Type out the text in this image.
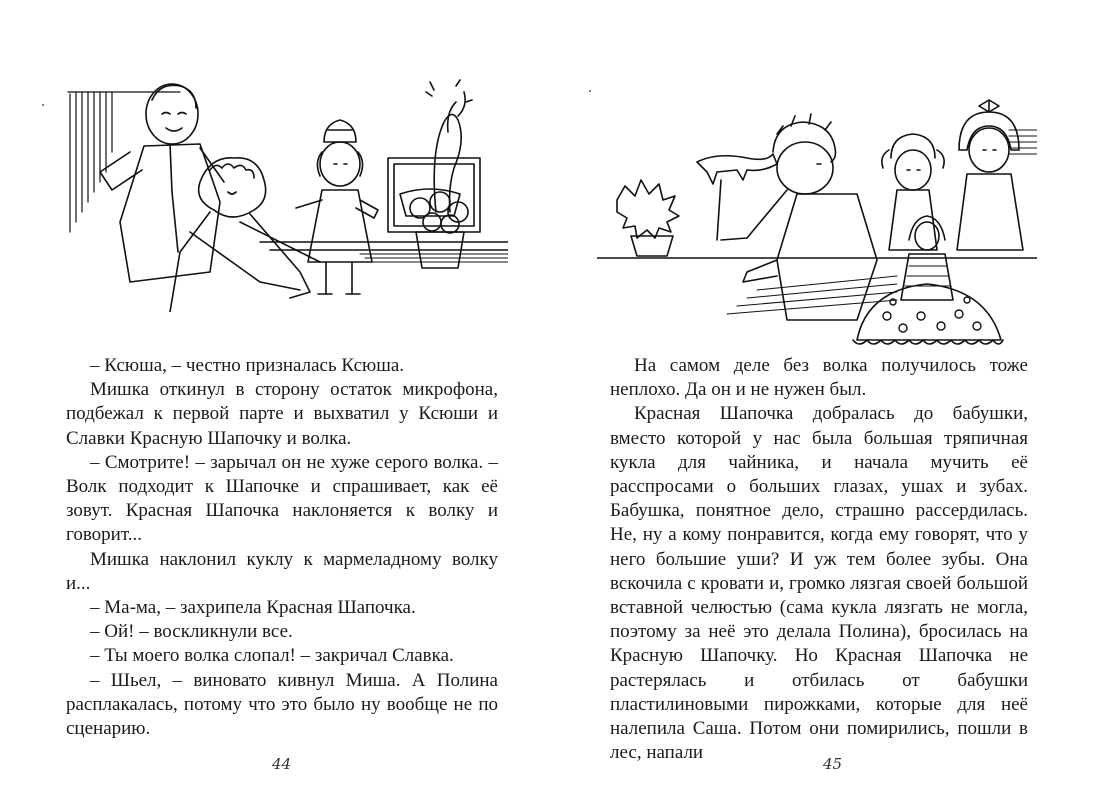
– Ксюша, – честно призналась Ксюша.

Мишка откинул в сторону остаток микрофона, подбежал к первой парте и выхватил у Ксюши и Славки Красную Шапочку и волка.

– Смотрите! – зарычал он не хуже серого волка. – Волк подходит к Шапочке и спрашивает, как её зовут. Красная Шапочка наклоняется к волку и говорит...

Мишка наклонил куклу к мармеладному волку и...

– Ма-ма, – захрипела Красная Шапочка.

– Ой! – воскликнули все.

– Ты моего волка слопал! – закричал Славка.

– Шьел, – виновато кивнул Миша. А Полина расплакалась, потому что это было ну вообще не по сценарию.

44

На самом деле без волка получилось тоже неплохо. Да он и не нужен был.

Красная Шапочка добралась до бабушки, вместо которой у нас была большая тряпичная кукла для чайника, и начала мучить её расспросами о больших глазах, ушах и зубах. Бабушка, понятное дело, страшно рассердилась. Не, ну а кому понравится, когда ему говорят, что у него большие уши? И уж тем более зубы. Она вскочила с кровати и, громко лязгая своей большой вставной челюстью (сама кукла лязгать не могла, поэтому за неё это делала Полина), бросилась на Красную Шапочку. Но Красная Шапочка не растерялась и отбилась от бабушки пластилиновыми пирожками, которые для неё налепила Саша. Потом они помирились, пошли в лес, напали

45
